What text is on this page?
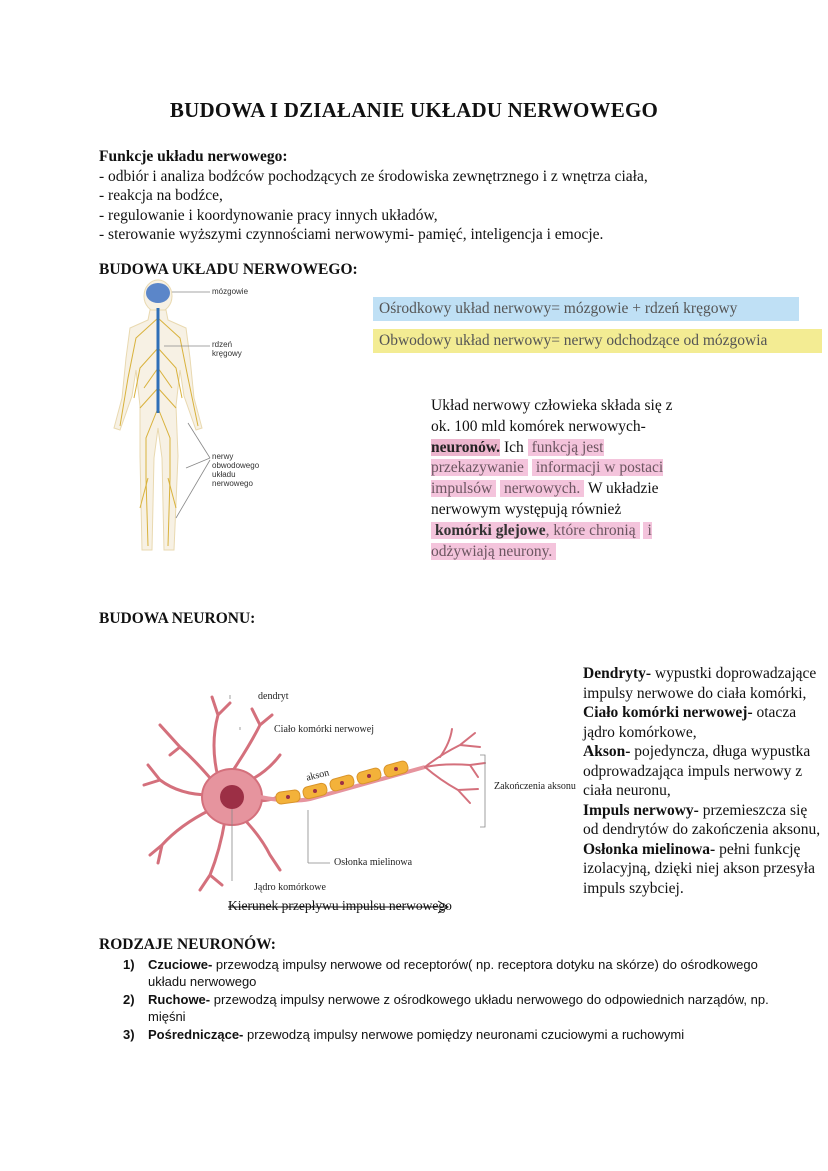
BUDOWA I DZIAŁANIE UKŁADU NERWOWEGO
Funkcje układu nerwowego:
- odbiór i analiza bodźców pochodzących ze środowiska zewnętrznego i z wnętrza ciała,
- reakcja na bodźce,
- regulowanie i koordynowanie pracy innych układów,
- sterowanie wyższymi czynnościami nerwowymi- pamięć, inteligencja i emocje.
BUDOWA UKŁADU NERWOWEGO:
mózgowie
rdzeń
kręgowy
nerwy
obwodowego
układu
nerwowego
Ośrodkowy układ nerwowy= mózgowie + rdzeń kręgowy
Obwodowy układ nerwowy= nerwy odchodzące od mózgowia
Układ nerwowy człowieka składa się z ok. 100 mld komórek nerwowych- neuronów. Ich funkcją jest przekazywanie informacji w postaci impulsów nerwowych. W układzie nerwowym występują również komórki glejowe, które chronią i odżywiają neurony.
BUDOWA NEURONU:
dendryt
Ciało komórki nerwowej
akson
Zakończenia aksonu
Osłonka mielinowa
Jądro komórkowe
Kierunek przepływu impulsu nerwowego
Dendryty- wypustki doprowadzające impulsy nerwowe do ciała komórki,
Ciało komórki nerwowej- otacza jądro komórkowe,
Akson- pojedyncza, długa wypustka odprowadzająca impuls nerwowy z ciała neuronu,
Impuls nerwowy- przemieszcza się od dendrytów do zakończenia aksonu,
Osłonka mielinowa- pełni funkcję izolacyjną, dzięki niej akson przesyła impuls szybciej.
RODZAJE NEURONÓW:
1) Czuciowe- przewodzą impulsy nerwowe od receptorów( np. receptora dotyku na skórze) do ośrodkowego układu nerwowego
2) Ruchowe- przewodzą impulsy nerwowe z ośrodkowego układu nerwowego do odpowiednich narządów, np. mięśni
3) Pośredniczące- przewodzą impulsy nerwowe pomiędzy neuronami czuciowymi a ruchowymi
